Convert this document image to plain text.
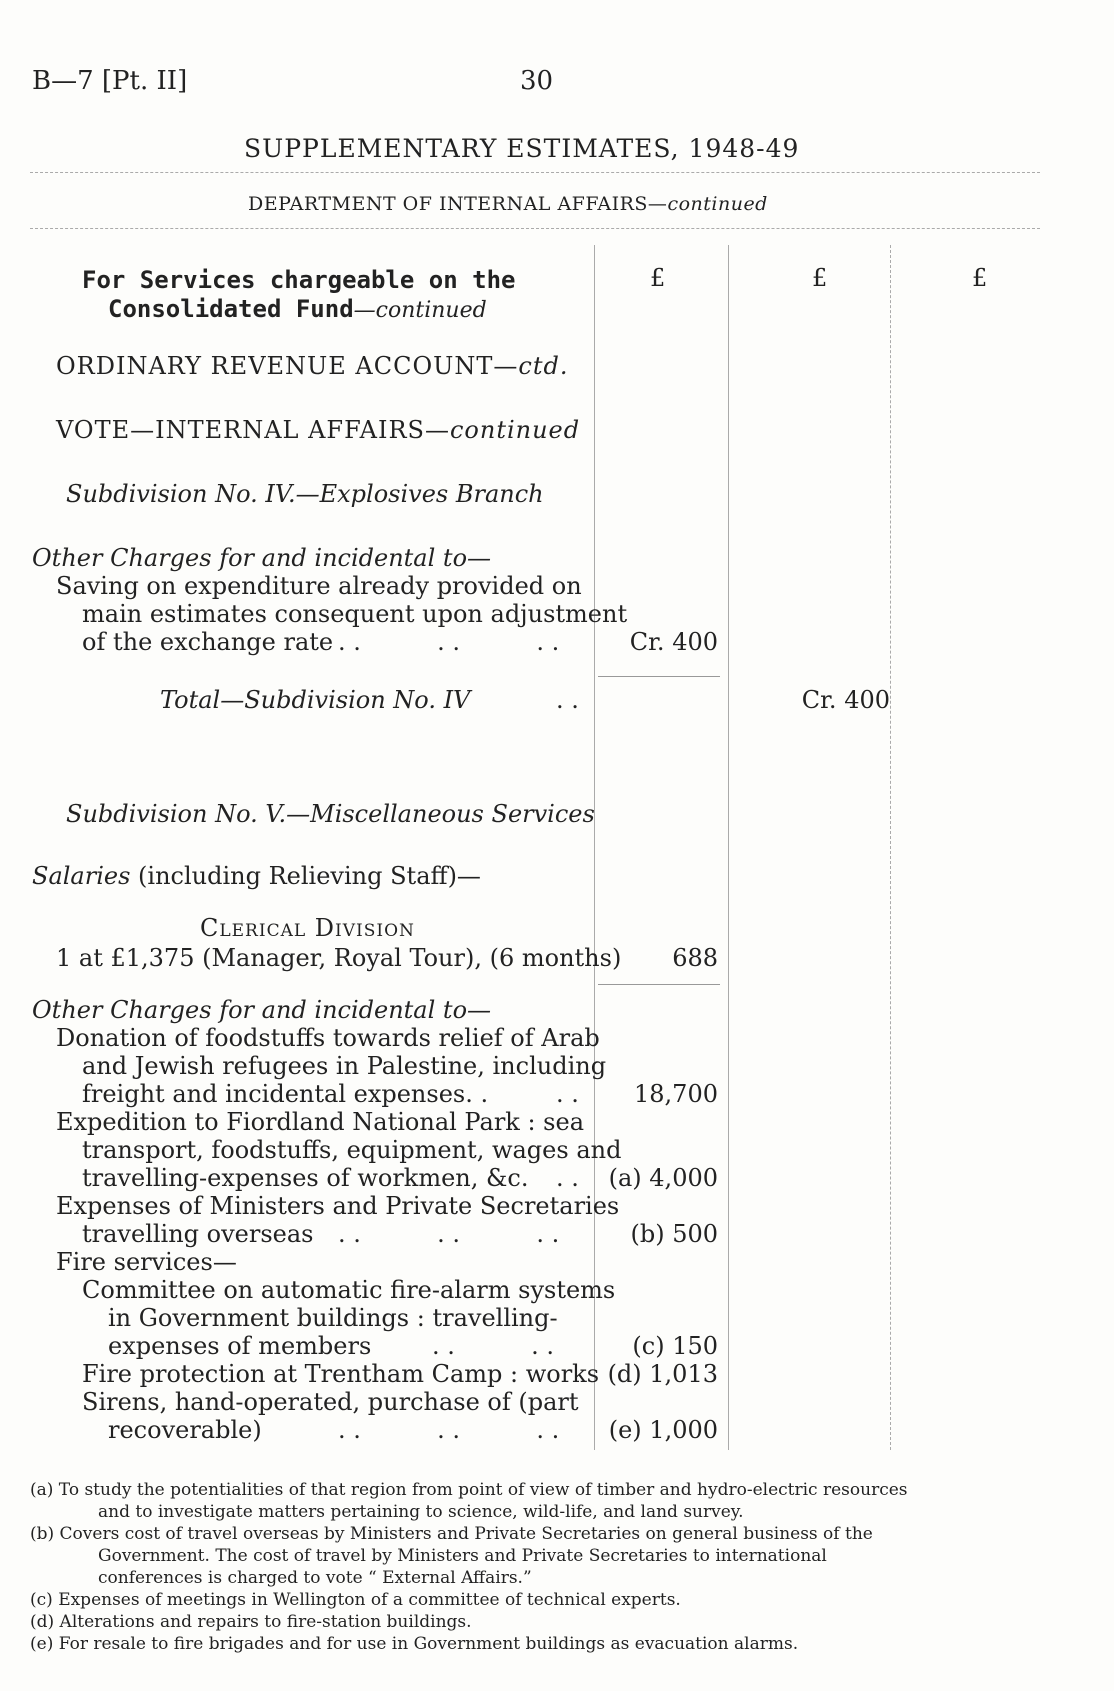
B—7 [Pt. II]	30
SUPPLEMENTARY ESTIMATES, 1948-49
DEPARTMENT OF INTERNAL AFFAIRS—continued
£	£	£
For Services chargeable on the
Consolidated Fund—continued
ORDINARY REVENUE ACCOUNT—ctd.
VOTE—INTERNAL AFFAIRS—continued
Subdivision No. IV.—Explosives Branch
Other Charges for and incidental to—
Saving on expenditure already provided on
main estimates consequent upon adjustment
of the exchange rate . .          . .          . .	Cr. 400
Total—Subdivision No. IV	. .	Cr. 400
Subdivision No. V.—Miscellaneous Services
Salaries (including Relieving Staff)—
Clerical Division
1 at £1,375 (Manager, Royal Tour), (6 months) 688
Other Charges for and incidental to—
Donation of foodstuffs towards relief of Arab
and Jewish refugees in Palestine, including
freight and incidental expenses. .	. . 18,700
Expedition to Fiordland National Park : sea
transport, foodstuffs, equipment, wages and
travelling-expenses of workmen, &c. . . (a) 4,000
Expenses of Ministers and Private Secretaries
travelling overseas . .          . .          . .	(b) 500
Fire services—
Committee on automatic fire-alarm systems
in Government buildings : travelling-
expenses of members	. .          . .	(c) 150
Fire protection at Trentham Camp : works (d) 1,013
Sirens, hand-operated, purchase of (part
recoverable)	. .          . .          . . (e) 1,000
(a) To study the potentialities of that region from point of view of timber and hydro-electric resources
and to investigate matters pertaining to science, wild-life, and land survey.
(b) Covers cost of travel overseas by Ministers and Private Secretaries on general business of the
Government. The cost of travel by Ministers and Private Secretaries to international
conferences is charged to vote “ External Affairs.”
(c) Expenses of meetings in Wellington of a committee of technical experts.
(d) Alterations and repairs to fire-station buildings.
(e) For resale to fire brigades and for use in Government buildings as evacuation alarms.
